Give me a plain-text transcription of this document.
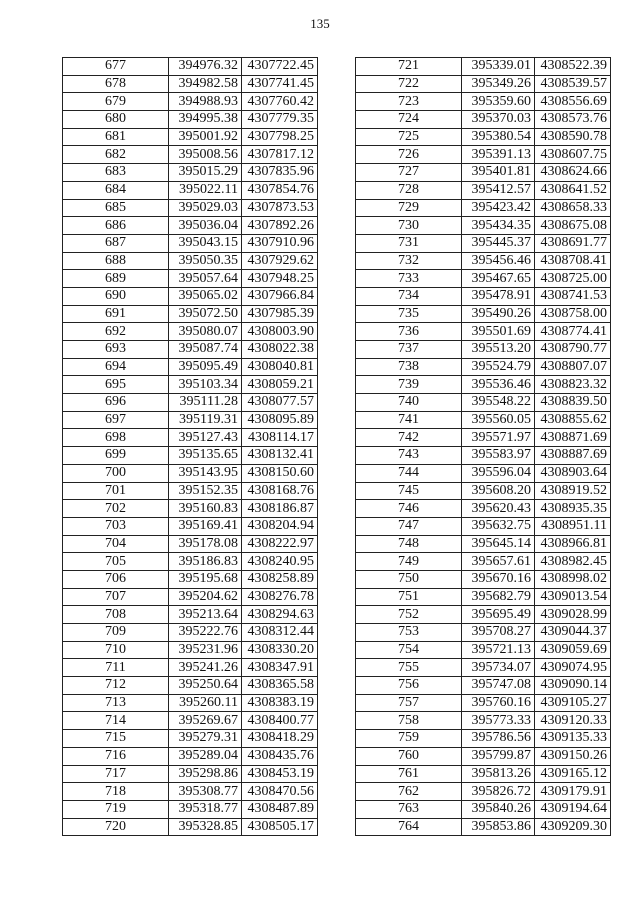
135
677	394976.32	4307722.45
678	394982.58	4307741.45
679	394988.93	4307760.42
680	394995.38	4307779.35
681	395001.92	4307798.25
682	395008.56	4307817.12
683	395015.29	4307835.96
684	395022.11	4307854.76
685	395029.03	4307873.53
686	395036.04	4307892.26
687	395043.15	4307910.96
688	395050.35	4307929.62
689	395057.64	4307948.25
690	395065.02	4307966.84
691	395072.50	4307985.39
692	395080.07	4308003.90
693	395087.74	4308022.38
694	395095.49	4308040.81
695	395103.34	4308059.21
696	395111.28	4308077.57
697	395119.31	4308095.89
698	395127.43	4308114.17
699	395135.65	4308132.41
700	395143.95	4308150.60
701	395152.35	4308168.76
702	395160.83	4308186.87
703	395169.41	4308204.94
704	395178.08	4308222.97
705	395186.83	4308240.95
706	395195.68	4308258.89
707	395204.62	4308276.78
708	395213.64	4308294.63
709	395222.76	4308312.44
710	395231.96	4308330.20
711	395241.26	4308347.91
712	395250.64	4308365.58
713	395260.11	4308383.19
714	395269.67	4308400.77
715	395279.31	4308418.29
716	395289.04	4308435.76
717	395298.86	4308453.19
718	395308.77	4308470.56
719	395318.77	4308487.89
720	395328.85	4308505.17
721	395339.01	4308522.39
722	395349.26	4308539.57
723	395359.60	4308556.69
724	395370.03	4308573.76
725	395380.54	4308590.78
726	395391.13	4308607.75
727	395401.81	4308624.66
728	395412.57	4308641.52
729	395423.42	4308658.33
730	395434.35	4308675.08
731	395445.37	4308691.77
732	395456.46	4308708.41
733	395467.65	4308725.00
734	395478.91	4308741.53
735	395490.26	4308758.00
736	395501.69	4308774.41
737	395513.20	4308790.77
738	395524.79	4308807.07
739	395536.46	4308823.32
740	395548.22	4308839.50
741	395560.05	4308855.62
742	395571.97	4308871.69
743	395583.97	4308887.69
744	395596.04	4308903.64
745	395608.20	4308919.52
746	395620.43	4308935.35
747	395632.75	4308951.11
748	395645.14	4308966.81
749	395657.61	4308982.45
750	395670.16	4308998.02
751	395682.79	4309013.54
752	395695.49	4309028.99
753	395708.27	4309044.37
754	395721.13	4309059.69
755	395734.07	4309074.95
756	395747.08	4309090.14
757	395760.16	4309105.27
758	395773.33	4309120.33
759	395786.56	4309135.33
760	395799.87	4309150.26
761	395813.26	4309165.12
762	395826.72	4309179.91
763	395840.26	4309194.64
764	395853.86	4309209.30
